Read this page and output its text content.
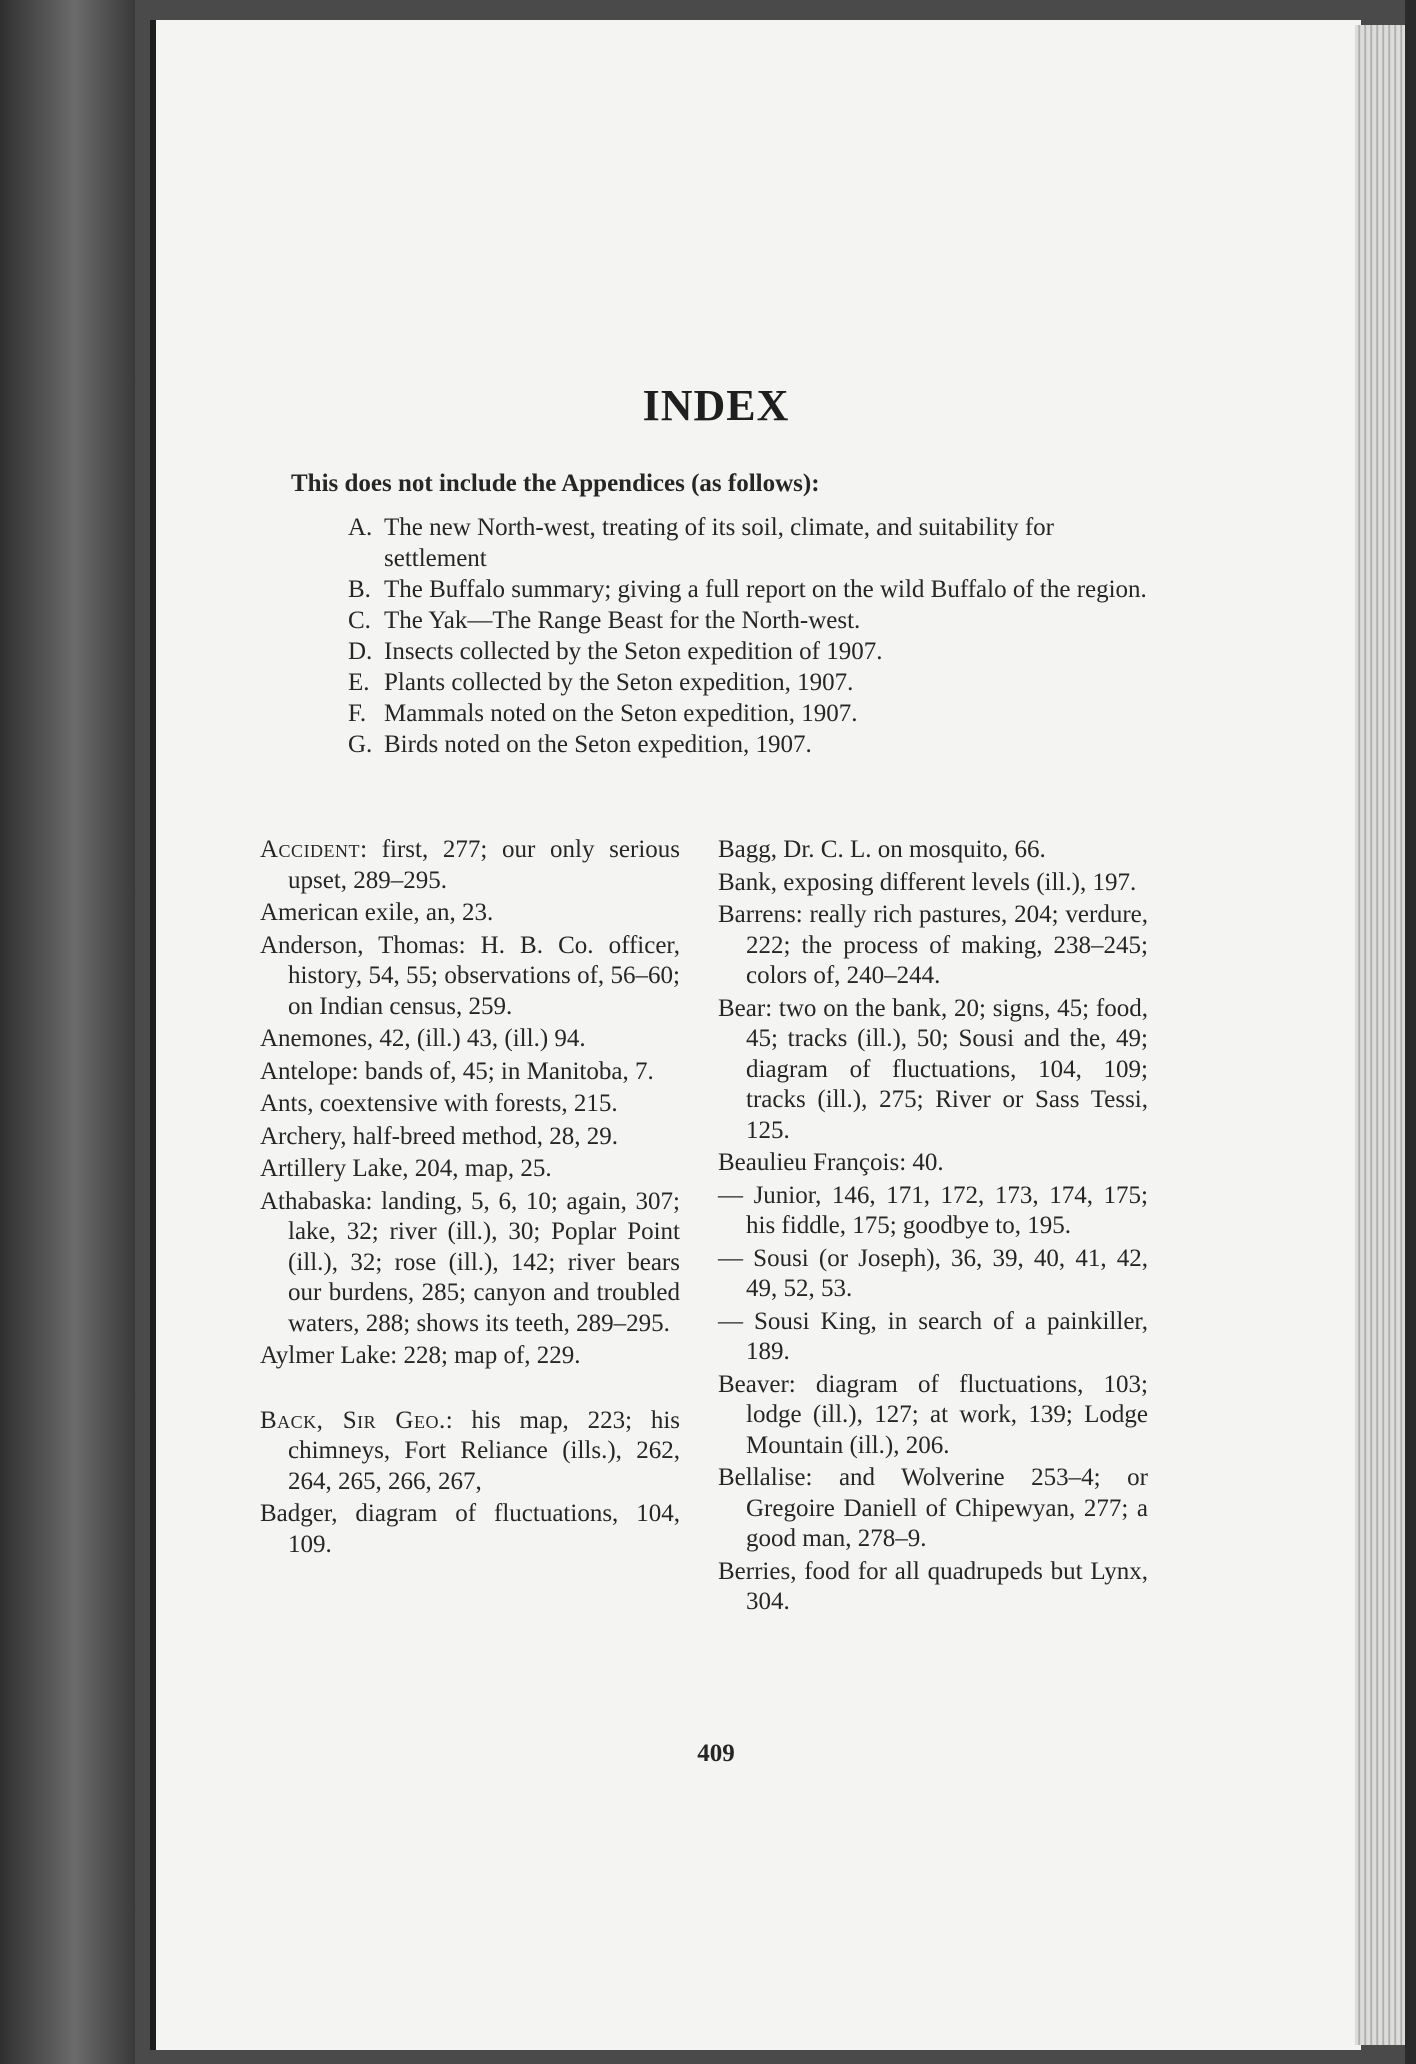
INDEX
This does not include the Appendices (as follows):
A. The new North-west, treating of its soil, climate, and suitability for settlement
B. The Buffalo summary; giving a full report on the wild Buffalo of the region.
C. The Yak—The Range Beast for the North-west.
D. Insects collected by the Seton expedition of 1907.
E. Plants collected by the Seton expedition, 1907.
F. Mammals noted on the Seton expedition, 1907.
G. Birds noted on the Seton expedition, 1907.
Accident: first, 277; our only serious upset, 289–295.
American exile, an, 23.
Anderson, Thomas: H. B. Co. officer, history, 54, 55; observations of, 56–60; on Indian census, 259.
Anemones, 42, (ill.) 43, (ill.) 94.
Antelope: bands of, 45; in Manitoba, 7.
Ants, coextensive with forests, 215.
Archery, half-breed method, 28, 29.
Artillery Lake, 204, map, 25.
Athabaska: landing, 5, 6, 10; again, 307; lake, 32; river (ill.), 30; Poplar Point (ill.), 32; rose (ill.), 142; river bears our burdens, 285; canyon and troubled waters, 288; shows its teeth, 289–295.
Aylmer Lake: 228; map of, 229.
Back, Sir Geo.: his map, 223; his chimneys, Fort Reliance (ills.), 262, 264, 265, 266, 267,
Badger, diagram of fluctuations, 104, 109.
Bagg, Dr. C. L. on mosquito, 66.
Bank, exposing different levels (ill.), 197.
Barrens: really rich pastures, 204; verdure, 222; the process of making, 238–245; colors of, 240–244.
Bear: two on the bank, 20; signs, 45; food, 45; tracks (ill.), 50; Sousi and the, 49; diagram of fluctuations, 104, 109; tracks (ill.), 275; River or Sass Tessi, 125.
Beaulieu François: 40.
— Junior, 146, 171, 172, 173, 174, 175; his fiddle, 175; goodbye to, 195.
— Sousi (or Joseph), 36, 39, 40, 41, 42, 49, 52, 53.
— Sousi King, in search of a painkiller, 189.
Beaver: diagram of fluctuations, 103; lodge (ill.), 127; at work, 139; Lodge Mountain (ill.), 206.
Bellalise: and Wolverine 253–4; or Gregoire Daniell of Chipewyan, 277; a good man, 278–9.
Berries, food for all quadrupeds but Lynx, 304.
409
